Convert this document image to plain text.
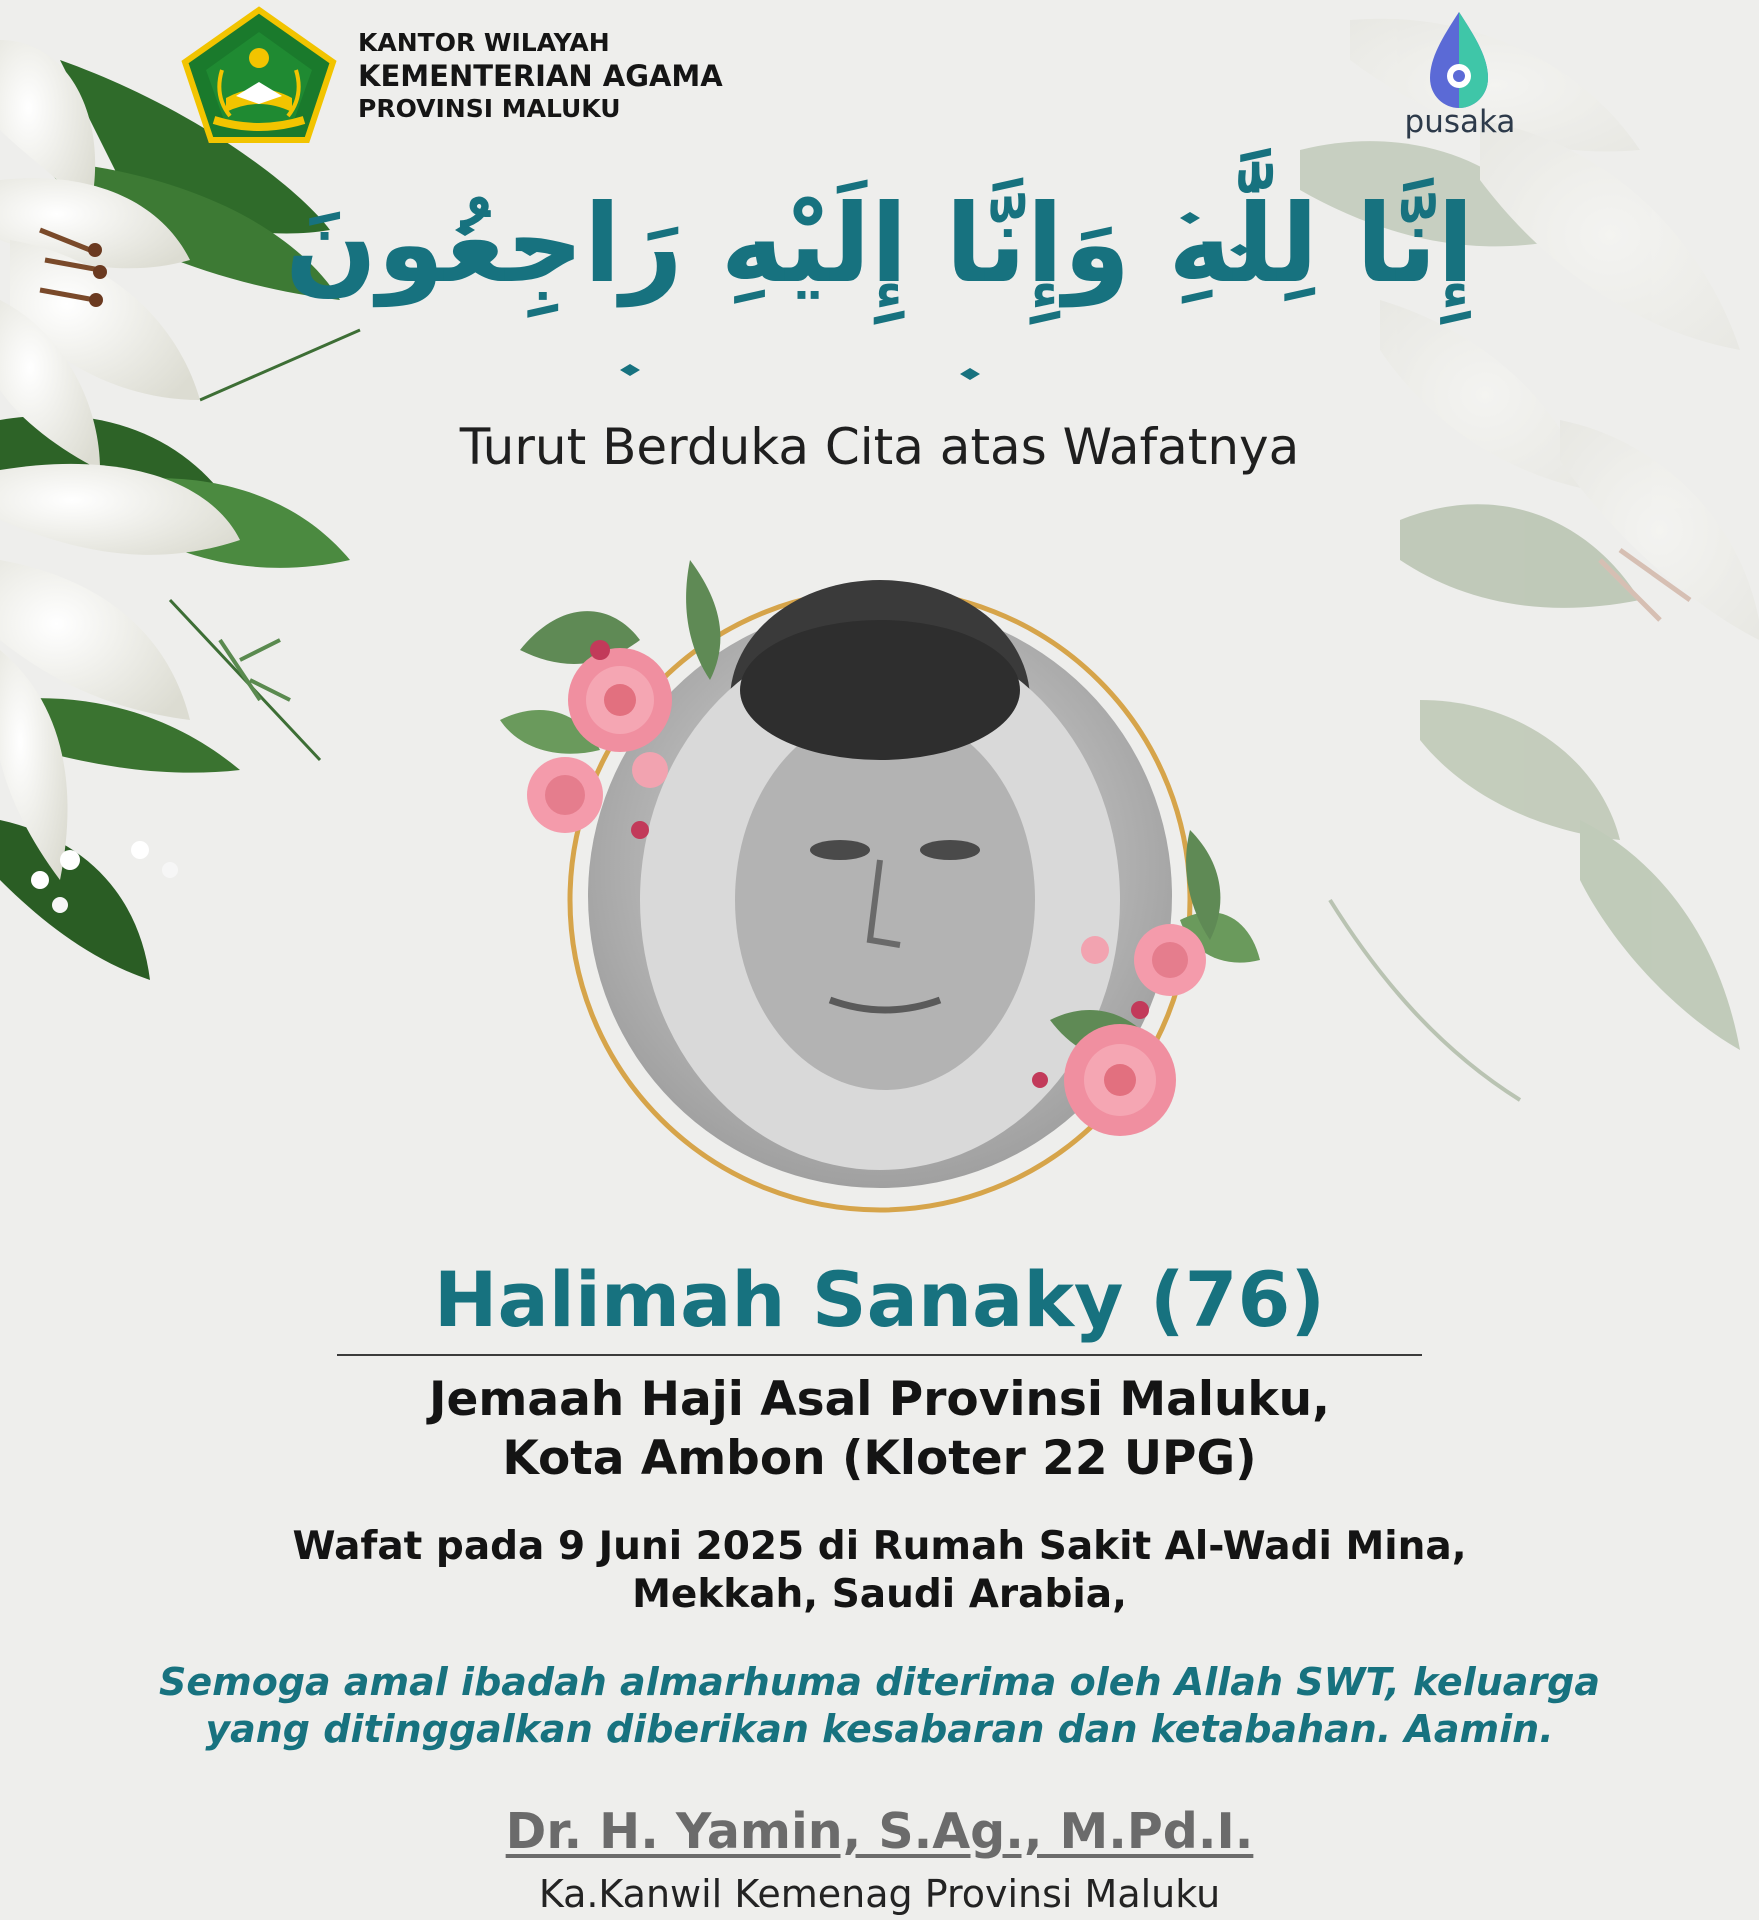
KANTOR WILAYAH
KEMENTERIAN AGAMA
PROVINSI MALUKU	pusaka
إِنَّا لِلَّٰهِ وَإِنَّا إِلَيْهِ رَاجِعُونَ
Turut Berduka Cita atas Wafatnya
Halimah Sanaky (76)
Jemaah Haji Asal Provinsi Maluku,
Kota Ambon (Kloter 22 UPG)
Wafat pada 9 Juni 2025 di Rumah Sakit Al-Wadi Mina,
Mekkah, Saudi Arabia,
Semoga amal ibadah almarhuma diterima oleh Allah SWT, keluarga
yang ditinggalkan diberikan kesabaran dan ketabahan. Aamin.
Dr. H. Yamin, S.Ag., M.Pd.I.
Ka.Kanwil Kemenag Provinsi Maluku
